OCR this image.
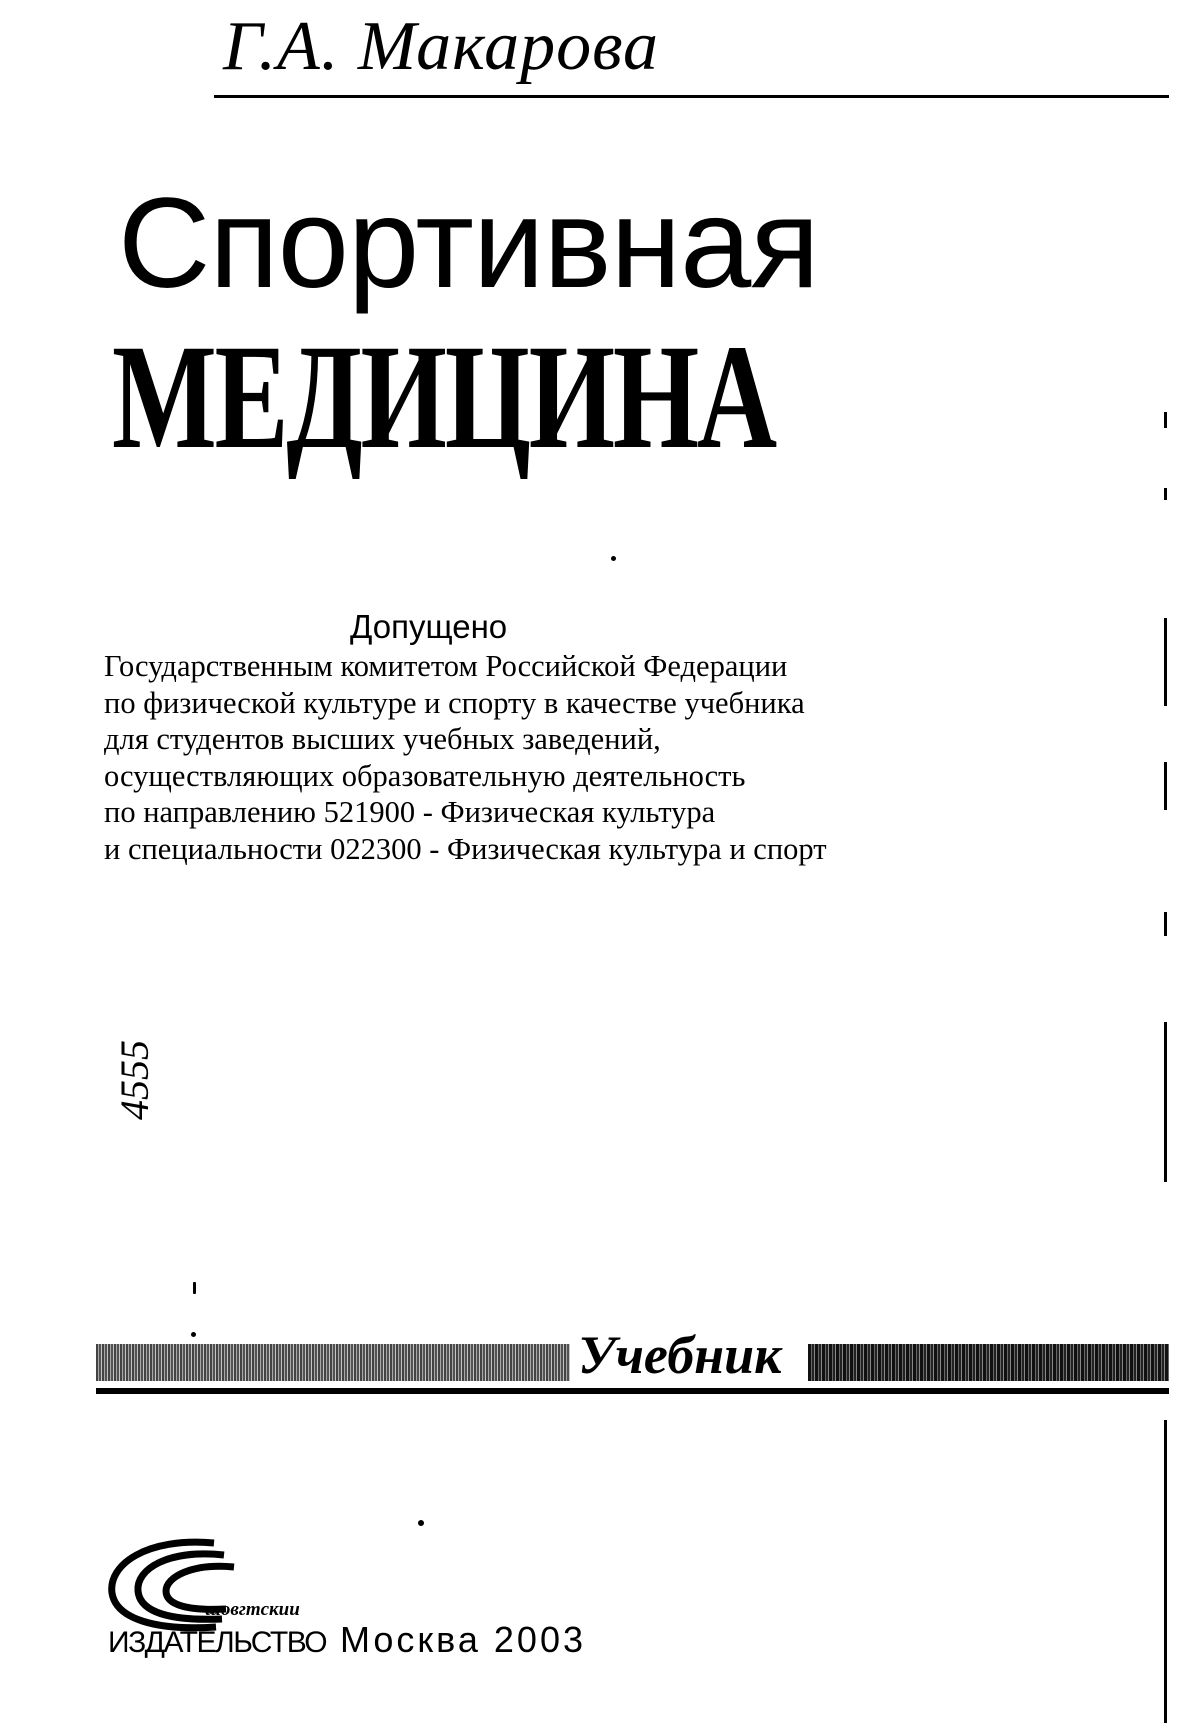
Г.А. Макарова
Спортивная
МЕДИЦИНА
Допущено
Государственным комитетом Российской Федерации
по физической культуре и спорту в качестве учебника
для студентов высших учебных заведений,
осуществляющих образовательную деятельность
по направлению 521900 - Физическая культура
и специальности 022300 - Физическая культура и спорт
4555
Учебник
шовгтскии
ИЗДАТЕЛЬСТВО Москва 2003
